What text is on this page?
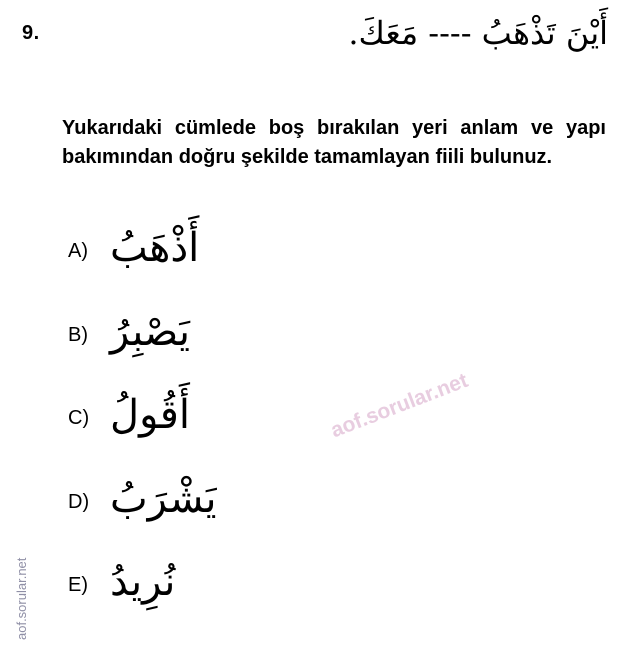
9.	أَيْنَ تَذْهَبُ ---- مَعَكَ.
Yukarıdaki cümlede boş bırakılan yeri anlam ve yapı bakımından doğru şekilde tamamlayan fiili bulunuz.
A) أَذْهَبُ
B) يَصْبِرُ
C) أَقُولُ
D) يَشْرَبُ
E) نُرِيدُ
aof.sorular.net
aof.sorular.net
